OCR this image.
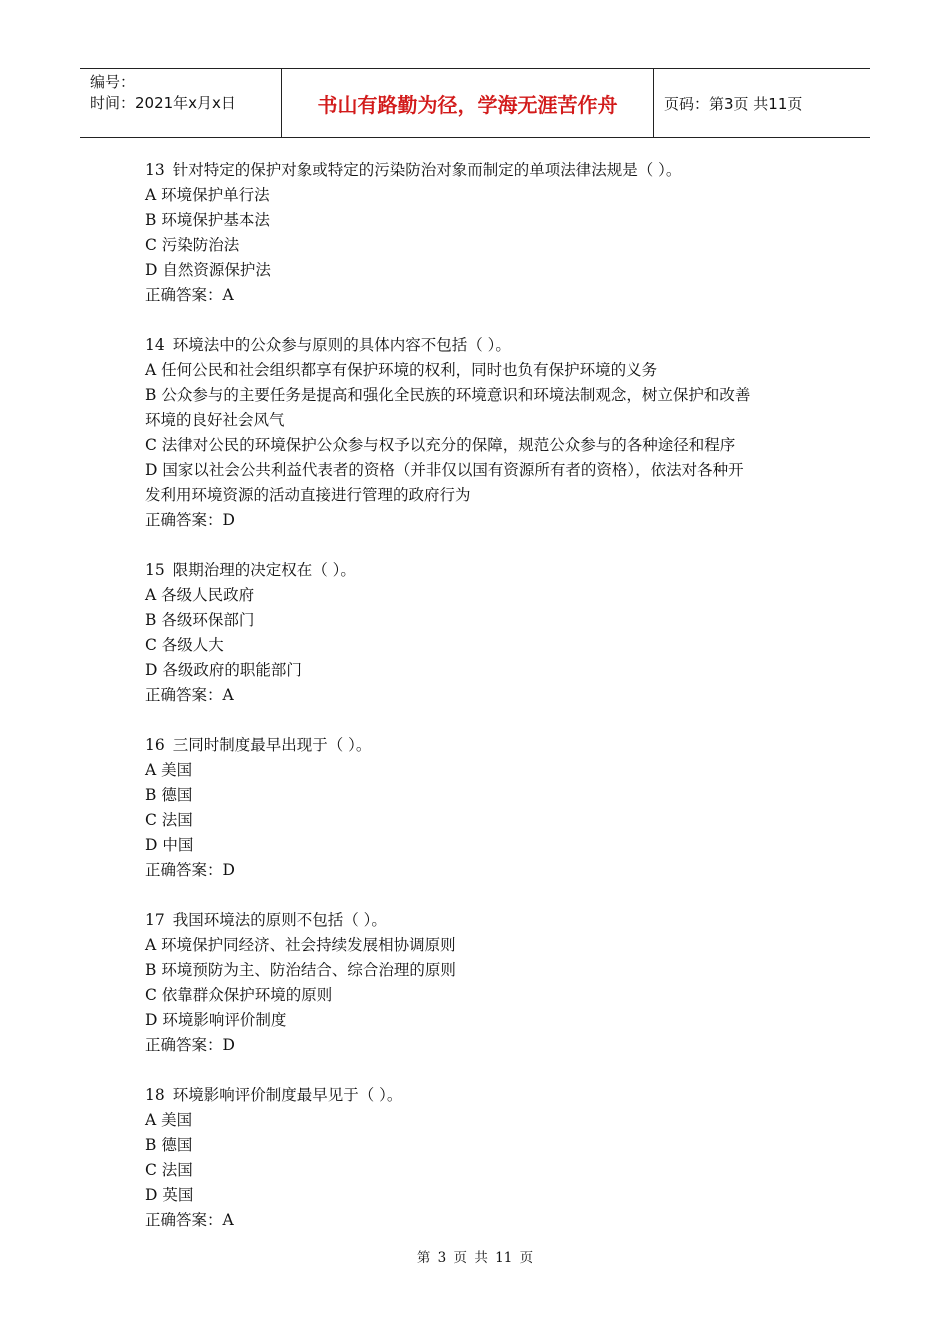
编号：
时间：2021年x月x日	书山有路勤为径，学海无涯苦作舟	页码：第3页 共11页

13 针对特定的保护对象或特定的污染防治对象而制定的单项法律法规是（ ）。

A 环境保护单行法

B 环境保护基本法

C 污染防治法

D 自然资源保护法

正确答案：A

14 环境法中的公众参与原则的具体内容不包括（ ）。

A 任何公民和社会组织都享有保护环境的权利，同时也负有保护环境的义务

B 公众参与的主要任务是提高和强化全民族的环境意识和环境法制观念，树立保护和改善

环境的良好社会风气

C 法律对公民的环境保护公众参与权予以充分的保障，规范公众参与的各种途径和程序

D 国家以社会公共利益代表者的资格（并非仅以国有资源所有者的资格），依法对各种开

发利用环境资源的活动直接进行管理的政府行为

正确答案：D

15 限期治理的决定权在（ ）。

A 各级人民政府

B 各级环保部门

C 各级人大

D 各级政府的职能部门

正确答案：A

16 三同时制度最早出现于（ ）。

A 美国

B 德国

C 法国

D 中国

正确答案：D

17 我国环境法的原则不包括（ ）。

A 环境保护同经济、社会持续发展相协调原则

B 环境预防为主、防治结合、综合治理的原则

C 依靠群众保护环境的原则

D 环境影响评价制度

正确答案：D

18 环境影响评价制度最早见于（ ）。

A 美国

B 德国

C 法国

D 英国

正确答案：A

第 3 页 共 11 页
